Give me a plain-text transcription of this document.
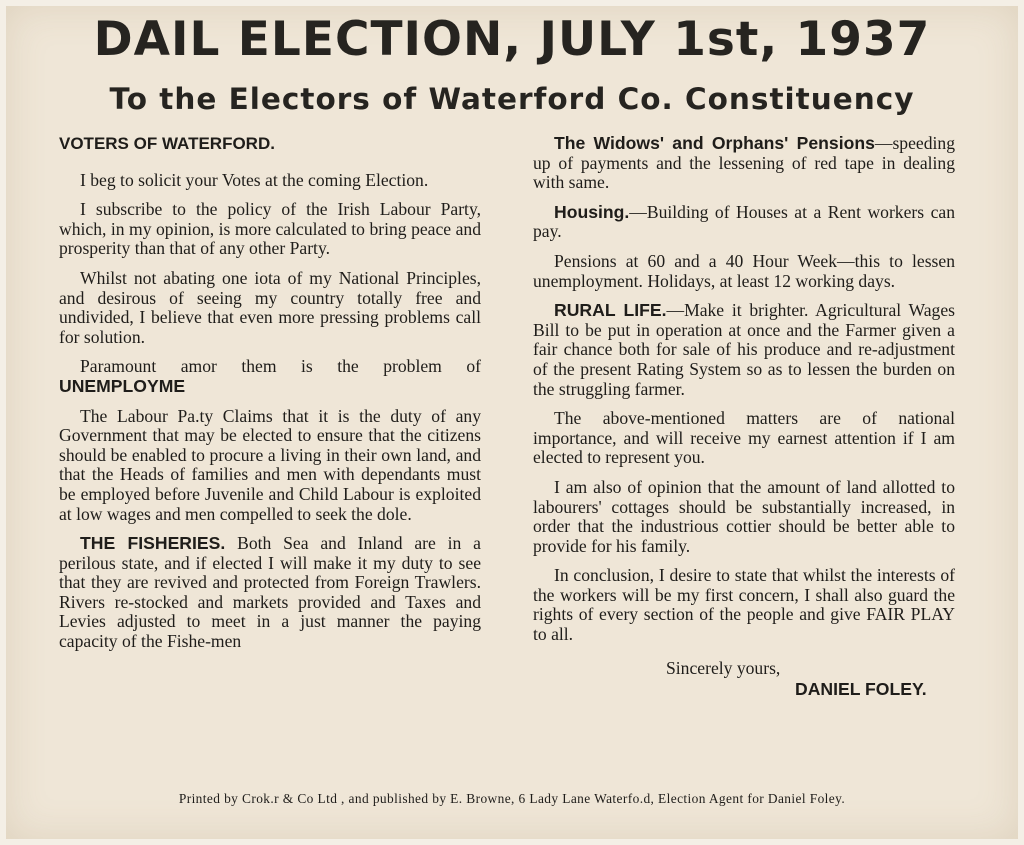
DAIL ELECTION, JULY 1st, 1937
To the Electors of Waterford Co. Constituency
VOTERS OF WATERFORD.

I beg to solicit your Votes at the coming Election.

I subscribe to the policy of the Irish Labour Party, which, in my opinion, is more calculated to bring peace and prosperity than that of any other Party.

Whilst not abating one iota of my National Principles, and desirous of seeing my country totally free and undivided, I believe that even more pressing problems call for solution.

Paramount amor them is the problem of UNEMPLOYME

The Labour Pa.ty Claims that it is the duty of any Government that may be elected to ensure that the citizens should be enabled to procure a living in their own land, and that the Heads of families and men with dependants must be employed before Juvenile and Child Labour is exploited at low wages and men compelled to seek the dole.

THE FISHERIES. Both Sea and Inland are in a perilous state, and if elected I will make it my duty to see that they are revived and protected from Foreign Trawlers. Rivers re-stocked and markets provided and Taxes and Levies adjusted to meet in a just manner the paying capacity of the Fishe-men

The Widows' and Orphans' Pensions—speeding up of payments and the lessening of red tape in dealing with same.

Housing.—Building of Houses at a Rent workers can pay.

Pensions at 60 and a 40 Hour Week—this to lessen unemployment. Holidays, at least 12 working days.

RURAL LIFE.—Make it brighter. Agricultural Wages Bill to be put in operation at once and the Farmer given a fair chance both for sale of his produce and re-adjustment of the present Rating System so as to lessen the burden on the struggling farmer.

The above-mentioned matters are of national importance, and will receive my earnest attention if I am elected to represent you.

I am also of opinion that the amount of land allotted to labourers' cottages should be substantially increased, in order that the industrious cottier should be better able to provide for his family.

In conclusion, I desire to state that whilst the interests of the workers will be my first concern, I shall also guard the rights of every section of the people and give FAIR PLAY to all.

Sincerely yours,
DANIEL FOLEY.
Printed by Crok.r & Co Ltd , and published by E. Browne, 6 Lady Lane Waterfo.d, Election Agent for Daniel Foley.
